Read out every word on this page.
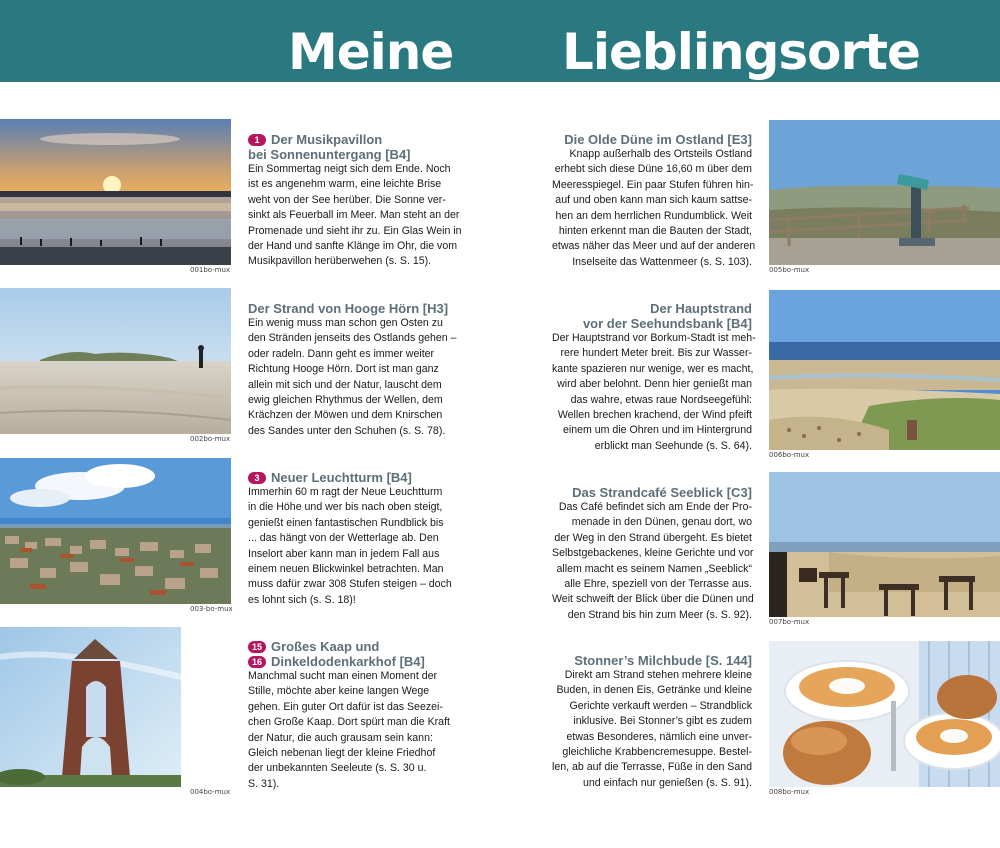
Meine Lieblingsorte
001bo-mux
002bo-mux
003-bo-mux
004bo-mux
005bo-mux
006bo-mux
007bo-mux
008bo-mux
1 Der Musikpavillon
bei Sonnenuntergang [B4]
Ein Sommertag neigt sich dem Ende. Noch
ist es angenehm warm, eine leichte Brise
weht von der See herüber. Die Sonne ver-
sinkt als Feuerball im Meer. Man steht an der
Promenade und sieht ihr zu. Ein Glas Wein in
der Hand und sanfte Klänge im Ohr, die vom
Musikpavillon herüberwehen (s. S. 15).
Der Strand von Hooge Hörn [H3]
Ein wenig muss man schon gen Osten zu
den Stränden jenseits des Ostlands gehen –
oder radeln. Dann geht es immer weiter
Richtung Hooge Hörn. Dort ist man ganz
allein mit sich und der Natur, lauscht dem
ewig gleichen Rhythmus der Wellen, dem
Krächzen der Möwen und dem Knirschen
des Sandes unter den Schuhen (s. S. 78).
3 Neuer Leuchtturm [B4]
Immerhin 60 m ragt der Neue Leuchtturm
in die Höhe und wer bis nach oben steigt,
genießt einen fantastischen Rundblick bis
... das hängt von der Wetterlage ab. Den
Inselort aber kann man in jedem Fall aus
einem neuen Blickwinkel betrachten. Man
muss dafür zwar 308 Stufen steigen – doch
es lohnt sich (s. S. 18)!
15 Großes Kaap und
16 Dinkeldodenkarkhof [B4]
Manchmal sucht man einen Moment der
Stille, möchte aber keine langen Wege
gehen. Ein guter Ort dafür ist das Seezei-
chen Große Kaap. Dort spürt man die Kraft
der Natur, die auch grausam sein kann:
Gleich nebenan liegt der kleine Friedhof
der unbekannten Seeleute (s. S. 30 u.
S. 31).
Die Olde Düne im Ostland [E3]
Knapp außerhalb des Ortsteils Ostland
erhebt sich diese Düne 16,60 m über dem
Meeresspiegel. Ein paar Stufen führen hin-
auf und oben kann man sich kaum sattse-
hen an dem herrlichen Rundumblick. Weit
hinten erkennt man die Bauten der Stadt,
etwas näher das Meer und auf der anderen
Inselseite das Wattenmeer (s. S. 103).
Der Hauptstrand
vor der Seehundsbank [B4]
Der Hauptstrand vor Borkum-Stadt ist meh-
rere hundert Meter breit. Bis zur Wasser-
kante spazieren nur wenige, wer es macht,
wird aber belohnt. Denn hier genießt man
das wahre, etwas raue Nordseegefühl:
Wellen brechen krachend, der Wind pfeift
einem um die Ohren und im Hintergrund
erblickt man Seehunde (s. S. 64).
Das Strandcafé Seeblick [C3]
Das Café befindet sich am Ende der Pro-
menade in den Dünen, genau dort, wo
der Weg in den Strand übergeht. Es bietet
Selbstgebackenes, kleine Gerichte und vor
allem macht es seinem Namen „Seeblick“
alle Ehre, speziell von der Terrasse aus.
Weit schweift der Blick über die Dünen und
den Strand bis hin zum Meer (s. S. 92).
Stonner’s Milchbude [S. 144]
Direkt am Strand stehen mehrere kleine
Buden, in denen Eis, Getränke und kleine
Gerichte verkauft werden – Strandblick
inklusive. Bei Stonner’s gibt es zudem
etwas Besonderes, nämlich eine unver-
gleichliche Krabbencremesuppe. Bestel-
len, ab auf die Terrasse, Füße in den Sand
und einfach nur genießen (s. S. 91).
